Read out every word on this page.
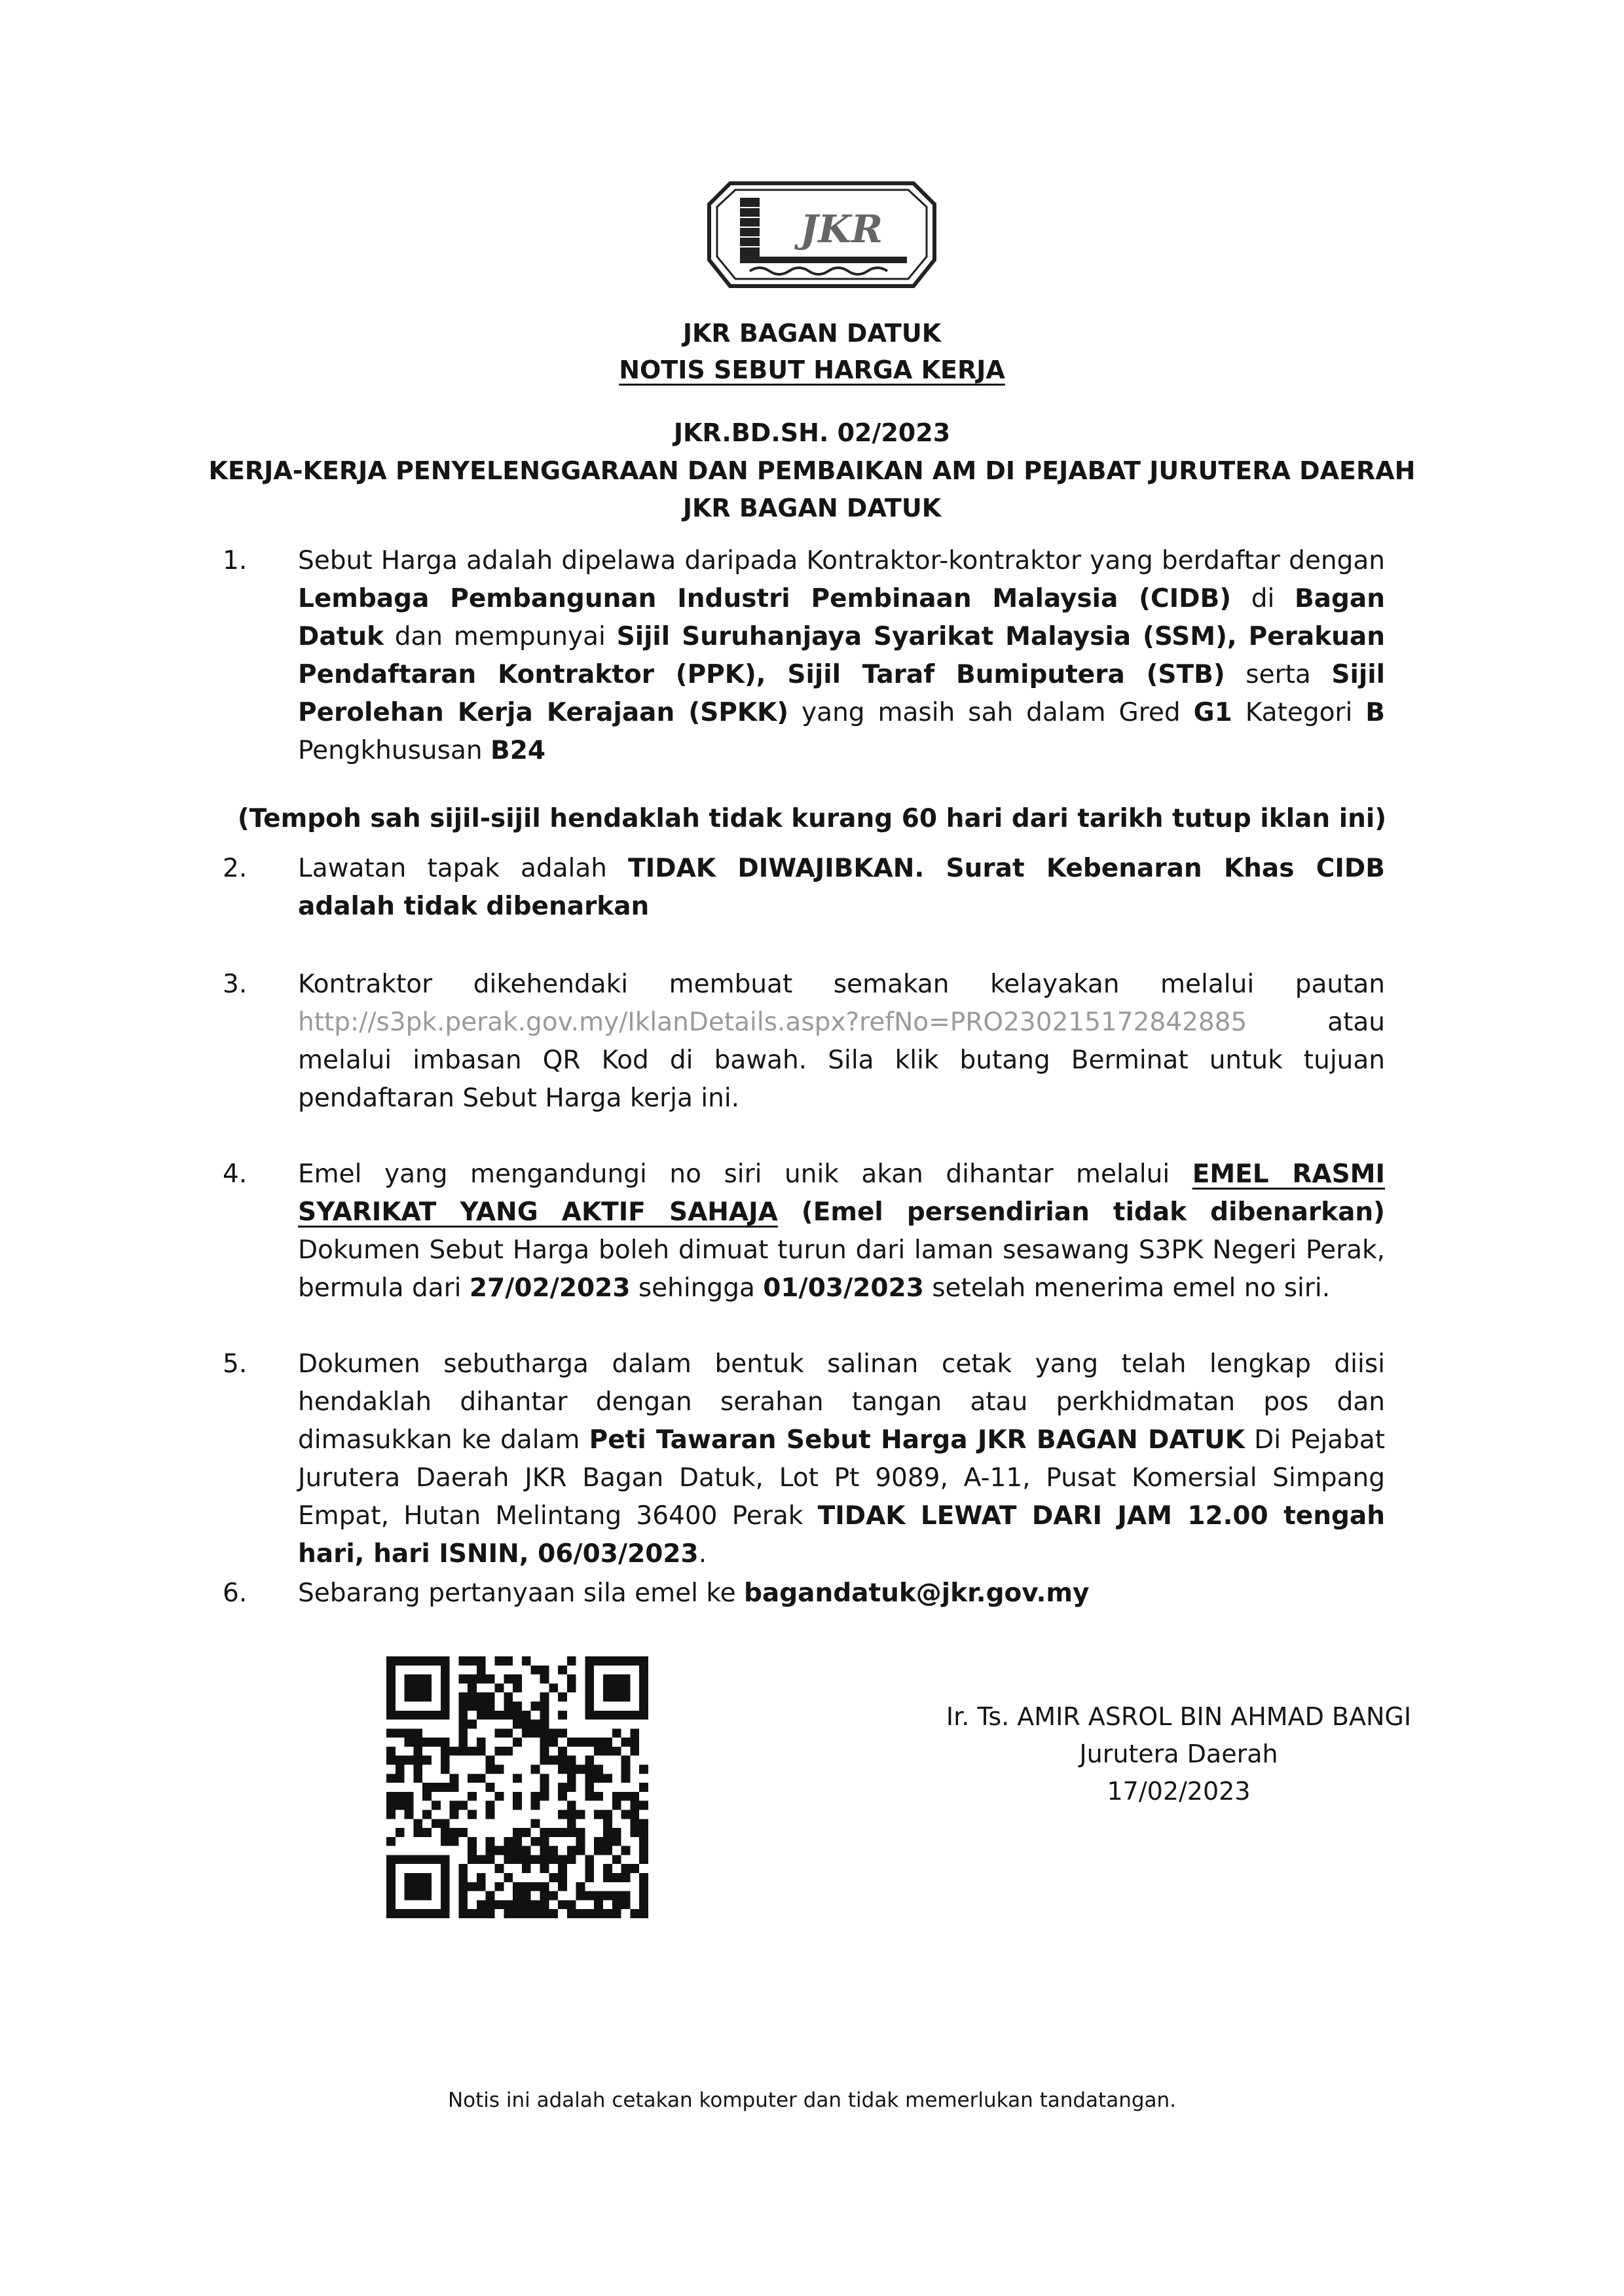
JKR

JKR BAGAN DATUK

NOTIS SEBUT HARGA KERJA

JKR.BD.SH. 02/2023

KERJA-KERJA PENYELENGGARAAN DAN PEMBAIKAN AM DI PEJABAT JURUTERA DAERAH

JKR BAGAN DATUK

1. Sebut Harga adalah dipelawa daripada Kontraktor-kontraktor yang berdaftar dengan Lembaga Pembangunan Industri Pembinaan Malaysia (CIDB) di Bagan Datuk dan mempunyai Sijil Suruhanjaya Syarikat Malaysia (SSM), Perakuan Pendaftaran Kontraktor (PPK), Sijil Taraf Bumiputera (STB) serta Sijil Perolehan Kerja Kerajaan (SPKK) yang masih sah dalam Gred G1 Kategori B Pengkhususan B24

(Tempoh sah sijil-sijil hendaklah tidak kurang 60 hari dari tarikh tutup iklan ini)

2. Lawatan tapak adalah TIDAK DIWAJIBKAN. Surat Kebenaran Khas CIDB adalah tidak dibenarkan
3. Kontraktor dikehendaki membuat semakan kelayakan melalui pautan http://s3pk.perak.gov.my/IklanDetails.aspx?refNo=PRO230215172842885 atau melalui imbasan QR Kod di bawah. Sila klik butang Berminat untuk tujuan pendaftaran Sebut Harga kerja ini.
4. Emel yang mengandungi no siri unik akan dihantar melalui EMEL RASMI SYARIKAT YANG AKTIF SAHAJA (Emel persendirian tidak dibenarkan) Dokumen Sebut Harga boleh dimuat turun dari laman sesawang S3PK Negeri Perak, bermula dari 27/02/2023 sehingga 01/03/2023 setelah menerima emel no siri.
5. Dokumen sebutharga dalam bentuk salinan cetak yang telah lengkap diisi hendaklah dihantar dengan serahan tangan atau perkhidmatan pos dan dimasukkan ke dalam Peti Tawaran Sebut Harga JKR BAGAN DATUK Di Pejabat Jurutera Daerah JKR Bagan Datuk, Lot Pt 9089, A-11, Pusat Komersial Simpang Empat, Hutan Melintang 36400 Perak TIDAK LEWAT DARI JAM 12.00 tengah hari, hari ISNIN, 06/03/2023.
6. Sebarang pertanyaan sila emel ke bagandatuk@jkr.gov.my

Ir. Ts. AMIR ASROL BIN AHMAD BANGI

Jurutera Daerah

17/02/2023

Notis ini adalah cetakan komputer dan tidak memerlukan tandatangan.
